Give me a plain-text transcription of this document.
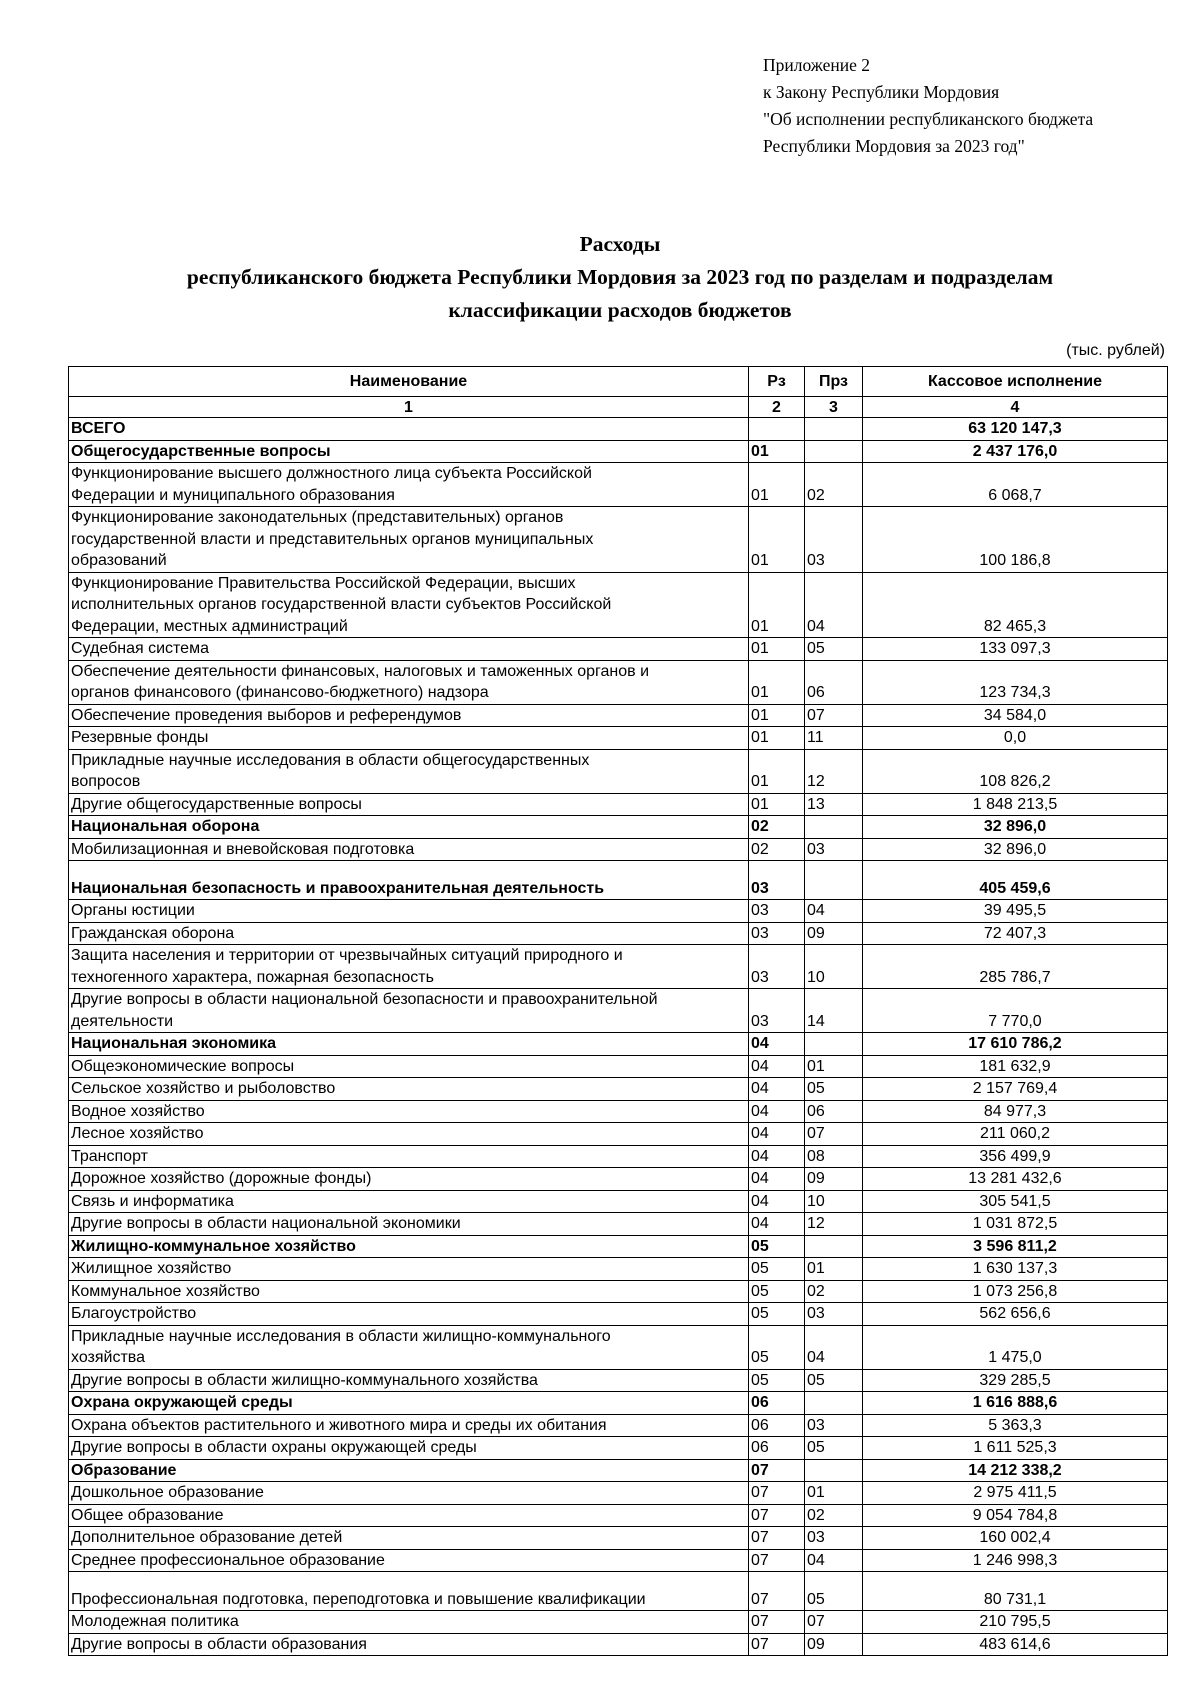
Приложение 2
к Закону Республики Мордовия
"Об исполнении республиканского бюджета
Республики Мордовия за 2023 год"
Расходы
республиканского бюджета Республики Мордовия за 2023 год по разделам и подразделам
классификации расходов бюджетов
(тыс. рублей)
Наименование	Рз	Прз	Кассовое исполнение
1	2	3	4

ВСЕГО			63 120 147,3

Общегосударственные вопросы	01		2 437 176,0

Функционирование высшего должностного лица субъекта Российской
Федерации и муниципального образования	01	02	6 068,7

Функционирование законодательных (представительных) органов
государственной власти и представительных органов муниципальных
образований	01	03	100 186,8

Функционирование Правительства Российской Федерации, высших
исполнительных органов государственной власти субъектов Российской
Федерации, местных администраций	01	04	82 465,3

Судебная система	01	05	133 097,3

Обеспечение деятельности финансовых, налоговых и таможенных органов и
органов финансового (финансово-бюджетного) надзора	01	06	123 734,3

Обеспечение проведения выборов и референдумов	01	07	34 584,0

Резервные фонды	01	11	0,0

Прикладные научные исследования в области общегосударственных
вопросов	01	12	108 826,2

Другие общегосударственные вопросы	01	13	1 848 213,5

Национальная оборона	02		32 896,0

Мобилизационная и вневойсковая подготовка	02	03	32 896,0

Национальная безопасность и правоохранительная деятельность	03		405 459,6

Органы юстиции	03	04	39 495,5

Гражданская оборона	03	09	72 407,3

Защита населения и территории от чрезвычайных ситуаций природного и
техногенного характера, пожарная безопасность	03	10	285 786,7

Другие вопросы в области национальной безопасности и правоохранительной
деятельности	03	14	7 770,0

Национальная экономика	04		17 610 786,2

Общеэкономические вопросы	04	01	181 632,9

Сельское хозяйство и рыболовство	04	05	2 157 769,4

Водное хозяйство	04	06	84 977,3

Лесное хозяйство	04	07	211 060,2

Транспорт	04	08	356 499,9

Дорожное хозяйство (дорожные фонды)	04	09	13 281 432,6

Связь и информатика	04	10	305 541,5

Другие вопросы в области национальной экономики	04	12	1 031 872,5

Жилищно-коммунальное хозяйство	05		3 596 811,2

Жилищное хозяйство	05	01	1 630 137,3

Коммунальное хозяйство	05	02	1 073 256,8

Благоустройство	05	03	562 656,6

Прикладные научные исследования в области жилищно-коммунального
хозяйства	05	04	1 475,0

Другие вопросы в области жилищно-коммунального хозяйства	05	05	329 285,5

Охрана окружающей среды	06		1 616 888,6

Охрана объектов растительного и животного мира и среды их обитания	06	03	5 363,3

Другие вопросы в области охраны окружающей среды	06	05	1 611 525,3

Образование	07		14 212 338,2

Дошкольное образование	07	01	2 975 411,5

Общее образование	07	02	9 054 784,8

Дополнительное образование детей	07	03	160 002,4

Среднее профессиональное образование	07	04	1 246 998,3

Профессиональная подготовка, переподготовка и повышение квалификации	07	05	80 731,1

Молодежная политика	07	07	210 795,5

Другие вопросы в области образования	07	09	483 614,6
